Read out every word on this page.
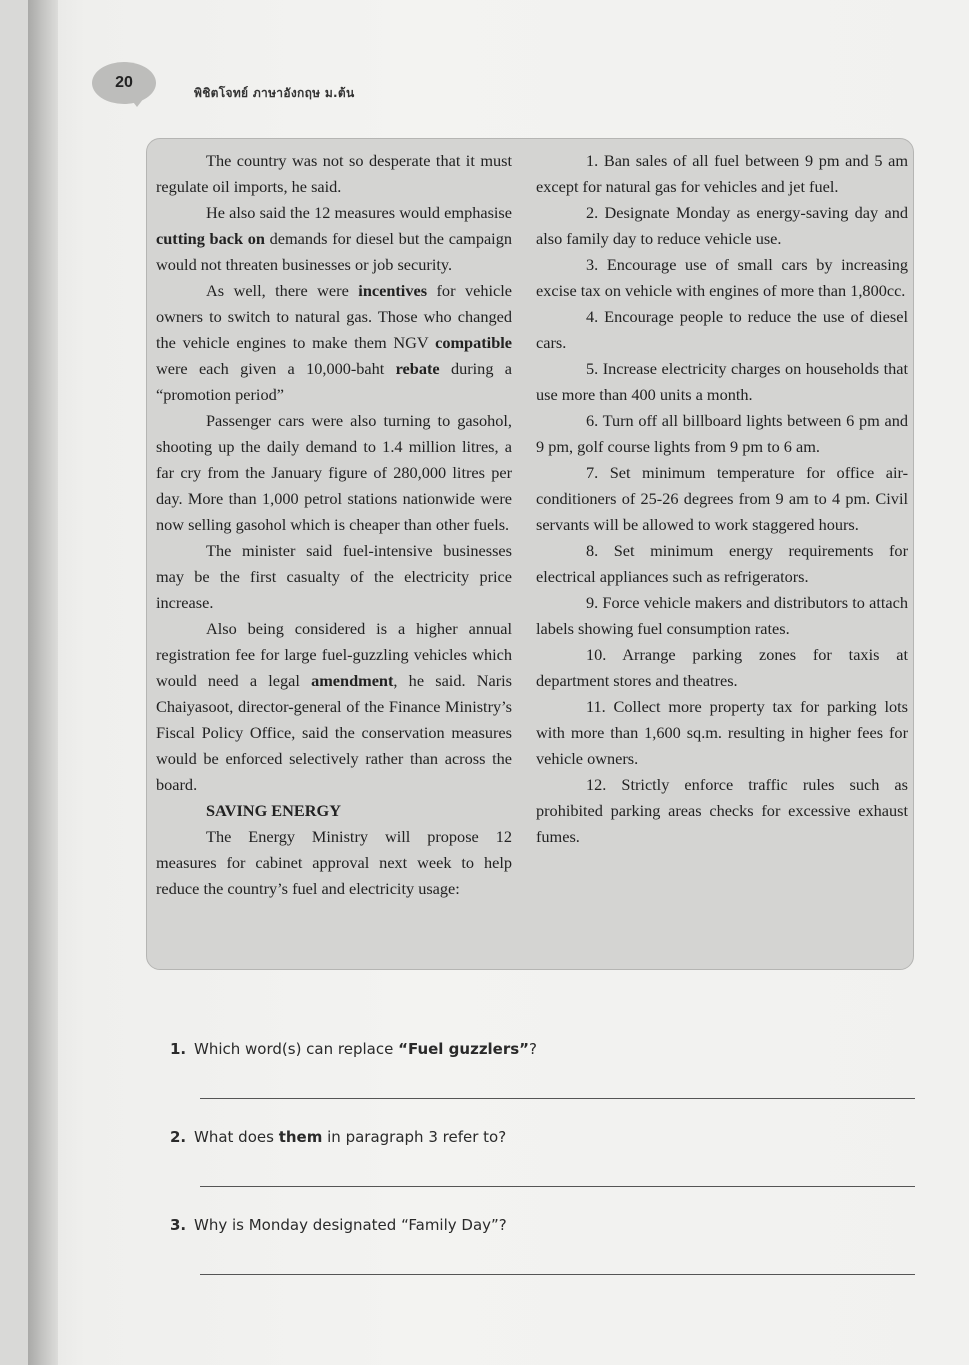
20
พิชิตโจทย์ ภาษาอังกฤษ ม.ต้น

The country was not so desperate that it must regulate oil imports, he said.

He also said the 12 measures would emphasise cutting back on demands for diesel but the campaign would not threaten businesses or job security.

As well, there were incentives for vehicle owners to switch to natural gas. Those who changed the vehicle engines to make them NGV compatible were each given a 10,000-baht rebate during a “promotion period”

Passenger cars were also turning to gasohol, shooting up the daily demand to 1.4 million litres, a far cry from the January figure of 280,000 litres per day. More than 1,000 petrol stations nationwide were now selling gasohol which is cheaper than other fuels.

The minister said fuel-intensive businesses may be the first casualty of the electricity price increase.

Also being considered is a higher annual registration fee for large fuel-guzzling vehicles which would need a legal amendment, he said. Naris Chaiyasoot, director-general of the Finance Ministry’s Fiscal Policy Office, said the conservation measures would be enforced selectively rather than across the board.

SAVING ENERGY

The Energy Ministry will propose 12 measures for cabinet approval next week to help reduce the country’s fuel and electricity usage:

1. Ban sales of all fuel between 9 pm and 5 am except for natural gas for vehicles and jet fuel.

2. Designate Monday as energy-saving day and also family day to reduce vehicle use.

3. Encourage use of small cars by increasing excise tax on vehicle with engines of more than 1,800cc.

4. Encourage people to reduce the use of diesel cars.

5. Increase electricity charges on households that use more than 400 units a month.

6. Turn off all billboard lights between 6 pm and 9 pm, golf course lights from 9 pm to 6 am.

7. Set minimum temperature for office air-conditioners of 25-26 degrees from 9 am to 4 pm. Civil servants will be allowed to work staggered hours.

8. Set minimum energy requirements for electrical appliances such as refrigerators.

9. Force vehicle makers and distributors to attach labels showing fuel consumption rates.

10. Arrange parking zones for taxis at department stores and theatres.

11. Collect more property tax for parking lots with more than 1,600 sq.m. resulting in higher fees for vehicle owners.

12. Strictly enforce traffic rules such as prohibited parking areas checks for excessive exhaust fumes.

1. Which word(s) can replace “Fuel guzzlers”?
2. What does them in paragraph 3 refer to?
3. Why is Monday designated “Family Day”?
